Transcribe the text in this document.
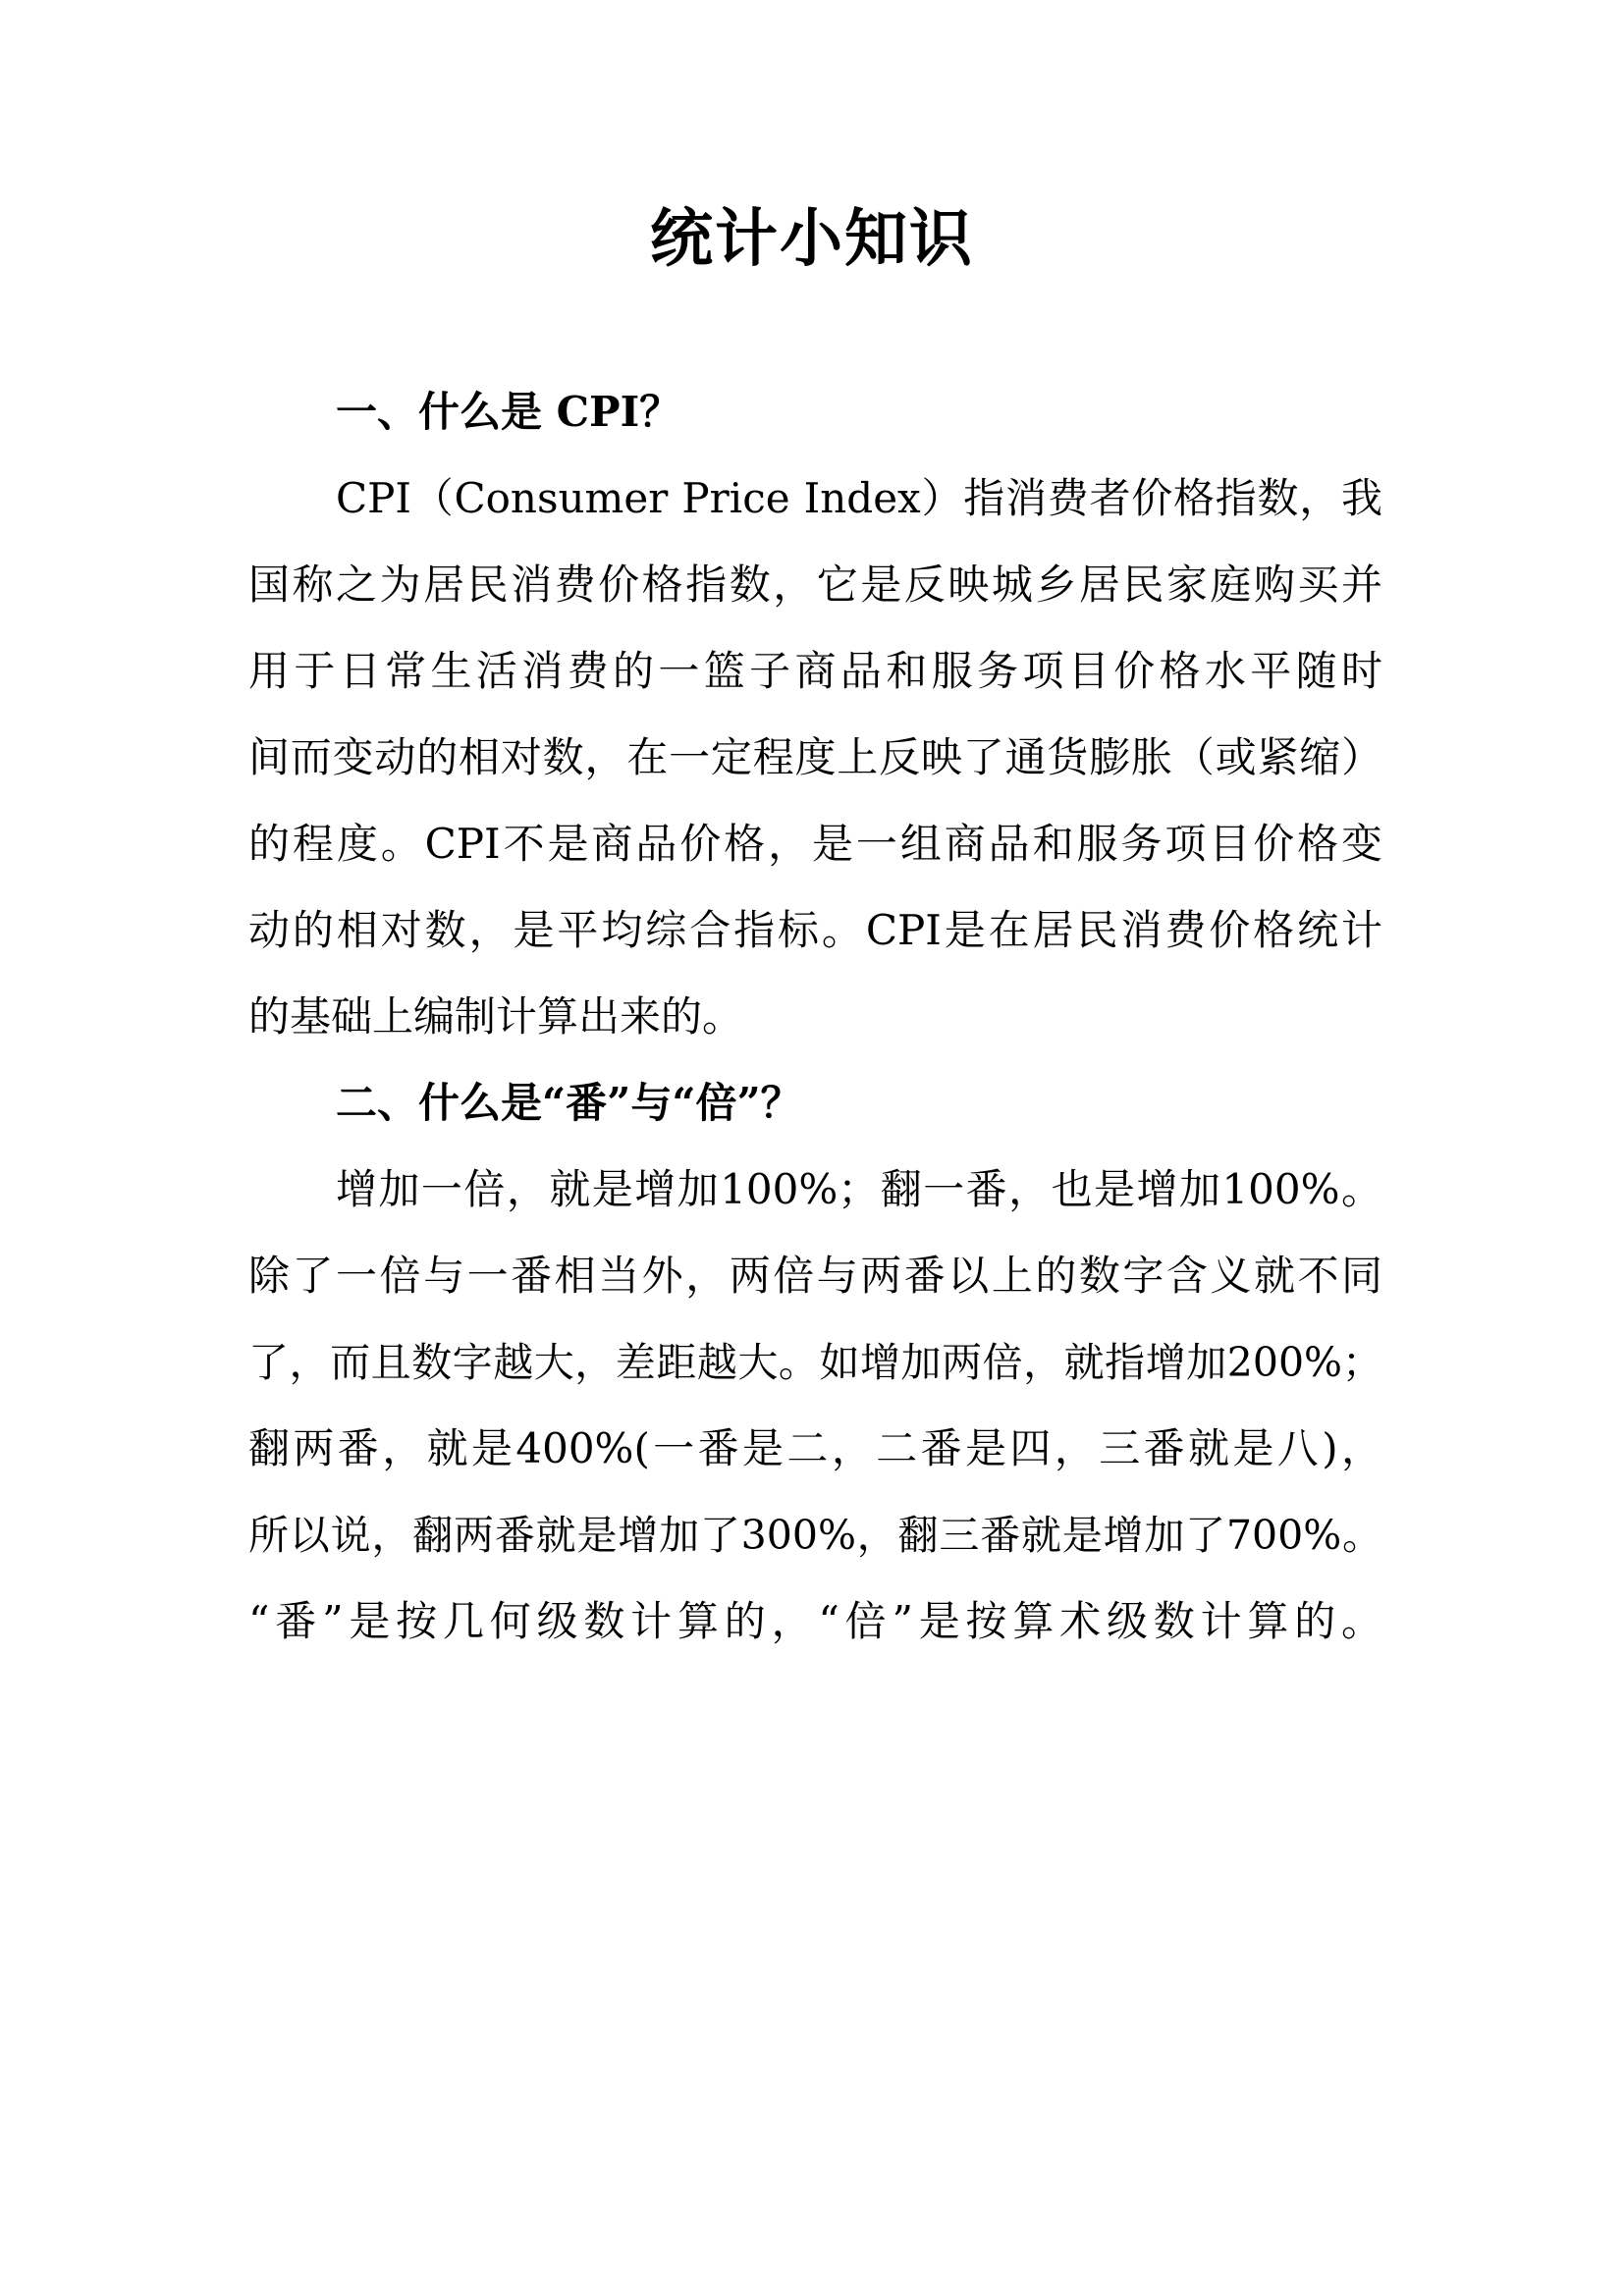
统计小知识
一、什么是 CPI？
CPI（Consumer Price Index）指消费者价格指数，我
国称之为居民消费价格指数，它是反映城乡居民家庭购买并
用于日常生活消费的一篮子商品和服务项目价格水平随时
间而变动的相对数，在一定程度上反映了通货膨胀（或紧缩）
的程度。CPI不是商品价格，是一组商品和服务项目价格变
动的相对数，是平均综合指标。CPI是在居民消费价格统计
的基础上编制计算出来的。
二、什么是“番”与“倍”？
增加一倍，就是增加100%；翻一番，也是增加100%。
除了一倍与一番相当外，两倍与两番以上的数字含义就不同
了，而且数字越大，差距越大。如增加两倍，就指增加200%；
翻两番，就是400%(一番是二，二番是四，三番就是八)，
所以说，翻两番就是增加了300%，翻三番就是增加了700%。
“番”是按几何级数计算的，“倍”是按算术级数计算的。
